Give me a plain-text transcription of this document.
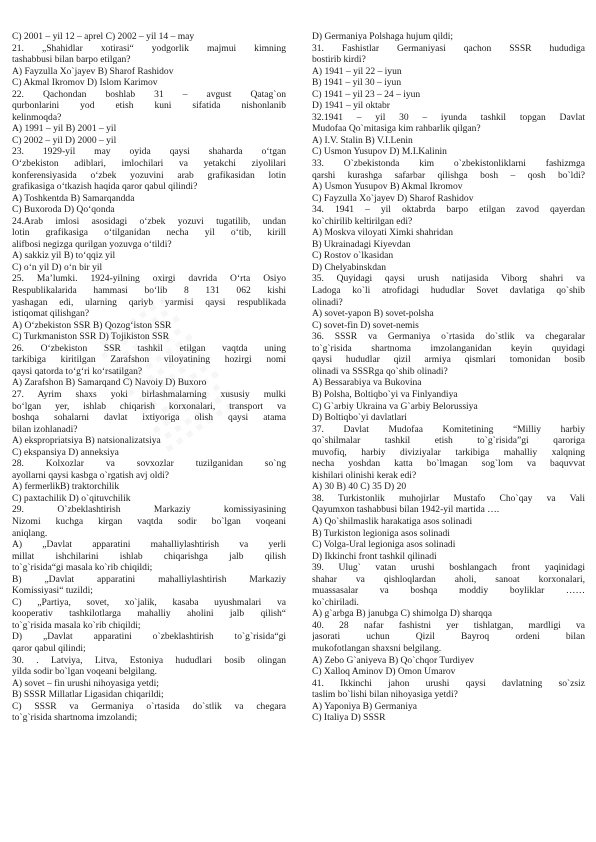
C) 2001 – yil 12 – aprel C) 2002 – yil 14 – may
21. „Shahidlar xotirasi“ yodgorlik majmui kimning
tashabbusi bilan barpo etilgan?
A) Fayzulla Xo`jayev B) Sharof Rashidov
C) Akmal Ikromov D) Islom Karimov
22. Qachondan boshlab 31 – avgust Qatag`on
qurbonlarini yod etish kuni sifatida nishonlanib
kelinmoqda?
A) 1991 – yil B) 2001 – yil
C) 2002 – yil D) 2000 – yil
23. 1929-yil may oyida qaysi shaharda o‘tgan
O‘zbekiston adiblari, imlochilari va yetakchi ziyolilari
konferensiyasida o‘zbek yozuvini arab grafikasidan lotin
grafikasiga o‘tkazish haqida qaror qabul qilindi?
A) Toshkentda B) Samarqandda
C) Buxoroda D) Qo‘qonda
24.Arab imlosi asosidagi o‘zbek yozuvi tugatilib, undan
lotin grafikasiga o‘tilganidan necha yil o‘tib, kirill
alifbosi negizga qurilgan yozuvga o‘tildi?
A) sakkiz yil B) to‘qqiz yil
C) o‘n yil D) o‘n bir yil
25. Ma’lumki. 1924-yilning oxirgi davrida O‘rta Osiyo
Respublikalarida hammasi bo‘lib 8 131 062 kishi
yashagan edi, ularning qariyb yarmisi qaysi respublikada
istiqomat qilishgan?
A) O‘zbekiston SSR B) Qozog‘iston SSR
C) Turkmaniston SSR D) Tojikiston SSR
26. O‘zbekiston SSR tashkil etilgan vaqtda uning
tarkibiga kiritilgan Zarafshon viloyatining hozirgi nomi
qaysi qatorda to‘g‘ri ko‘rsatilgan?
A) Zarafshon B) Samarqand C) Navoiy D) Buxoro
27. Ayrim shaxs yoki birlashmalarning xususiy mulki
bo‘lgan yer, ishlab chiqarish korxonalari, transport va
boshqa sohalarni davlat ixtiyoriga olish qaysi atama
bilan izohlanadi?
A) ekspropriatsiya B) natsionalizatsiya
C) ekspansiya D) anneksiya
28. Kolxozlar va sovxozlar tuzilganidan so`ng
ayollarni qaysi kasbga o`rgatish avj oldi?
A) fermerlikB) traktorchilik
C) paxtachilik D) o`qituvchilik
29. O`zbeklashtirish Markaziy komissiyasining
Nizomi kuchga kirgan vaqtda sodir bo`lgan voqeani
aniqlang.
A) „Davlat apparatini mahalliylashtirish va yerli
millat ishchilarini ishlab chiqarishga jalb qilish
to`g`risida“gi masala ko`rib chiqildi;
B) „Davlat apparatini mahalliylashtirish Markaziy
Komissiyasi“ tuzildi;
C) „Partiya, sovet, xo`jalik, kasaba uyushmalari va
kooperativ tashkilotlarga mahalliy aholini jalb qilish“
to`g`risida masala ko`rib chiqildi;
D) „Davlat apparatini o`zbeklashtirish to`g`risida“gi
qaror qabul qilindi;
30. . Latviya, Litva, Estoniya hududlari bosib olingan
yilda sodir bo`lgan voqeani belgilang.
A) sovet – fin urushi nihoyasiga yetdi;
B) SSSR Millatlar Ligasidan chiqarildi;
C) SSSR va Germaniya o`rtasida do`stlik va chegara
to`g`risida shartnoma imzolandi;
D) Germaniya Polshaga hujum qildi;
31. Fashistlar Germaniyasi qachon SSSR hududiga
bostirib kirdi?
A) 1941 – yil 22 – iyun
B) 1941 – yil 30 – iyun
C) 1941 – yil 23 – 24 – iyun
D) 1941 – yil oktabr
32.1941 – yil 30 – iyunda tashkil topgan Davlat
Mudofaa Qo`mitasiga kim rahbarlik qilgan?
A) I.V. Stalin B) V.I.Lenin
C) Usmon Yusupov D) M.I.Kalinin
33. O`zbekistonda kim o`zbekistonliklarni fashizmga
qarshi kurashga safarbar qilishga bosh – qosh bo`ldi?
A) Usmon Yusupov B) Akmal Ikromov
C) Fayzulla Xo`jayev D) Sharof Rashidov
34. 1941 – yil oktabrda barpo etilgan zavod qayerdan
ko`chirilib keltirilgan edi?
A) Moskva viloyati Ximki shahridan
B) Ukrainadagi Kiyevdan
C) Rostov o`lkasidan
D) Chelyabinskdan
35. Quyidagi qaysi urush natijasida Viborg shahri va
Ladoga ko`li atrofidagi hududlar Sovet davlatiga qo`shib
olinadi?
A) sovet-yapon B) sovet-polsha
C) sovet-fin D) sovet-nemis
36. SSSR va Germaniya o`rtasida do`stlik va chegaralar
to`g`risida shartnoma imzolanganidan keyin quyidagi
qaysi hududlar qizil armiya qismlari tomonidan bosib
olinadi va SSSRga qo`shib olinadi?
A) Bessarabiya va Bukovina
B) Polsha, Boltiqbo`yi va Finlyandiya
C) G`arbiy Ukraina va G`arbiy Belorussiya
D) Boltiqbo`yi davlatlari
37. Davlat Mudofaa Komitetining “Milliy harbiy
qo`shilmalar tashkil etish to`g`risida”gi qaroriga
muvofiq, harbiy diviziyalar tarkibiga mahalliy xalqning
necha yoshdan katta bo`lmagan sog`lom va baquvvat
kishilari olinishi kerak edi?
A) 30 B) 40 C) 35 D) 20
38. Turkistonlik muhojirlar Mustafo Cho`qay va Vali
Qayumxon tashabbusi bilan 1942-yil martida ….
A) Qo`shilmaslik harakatiga asos solinadi
B) Turkiston legioniga asos solinadi
C) Volga-Ural legioniga asos solinadi
D) Ikkinchi front tashkil qilinadi
39. Ulug` vatan urushi boshlangach front yaqinidagi
shahar va qishloqlardan aholi, sanoat korxonalari,
muassasalar va boshqa moddiy boyliklar ……
ko`chiriladi.
A) g`arbga B) janubga C) shimolga D) sharqqa
40. 28 nafar fashistni yer tishlatgan, mardligi va
jasorati uchun Qizil Bayroq ordeni bilan
mukofotlangan shaxsni belgilang.
A) Zebo G`aniyeva B) Qo`chqor Turdiyev
C) Xalloq Aminov D) Omon Umarov
41. Ikkinchi jahon urushi qaysi davlatning so`zsiz
taslim bo`lishi bilan nihoyasiga yetdi?
A) Yaponiya B) Germaniya
C) Italiya D) SSSR
